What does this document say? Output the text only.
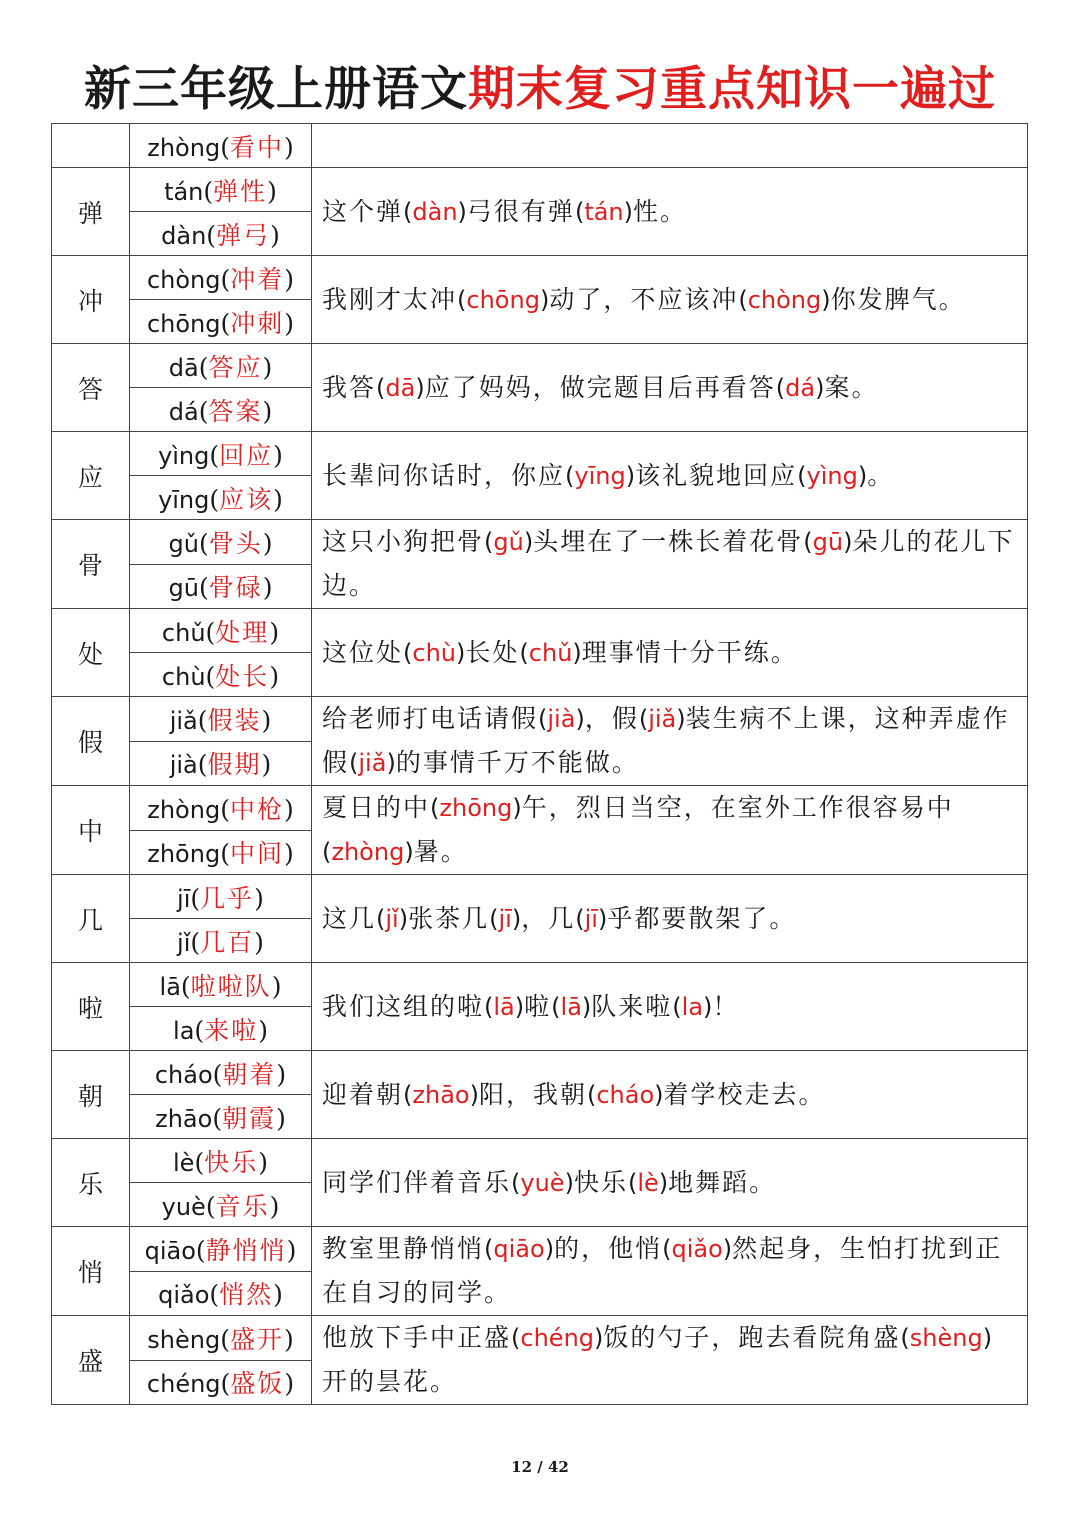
新三年级上册语文期末复习重点知识一遍过
	zhòng(看中)	
弹	tán(弹性)	这个弹(dàn)弓很有弹(tán)性。
	dàn(弹弓)	
冲	chòng(冲着)	我刚才太冲(chōng)动了，不应该冲(chòng)你发脾气。
	chōng(冲刺)	
答	dā(答应)	我答(dā)应了妈妈，做完题目后再看答(dá)案。
	dá(答案)	
应	yìng(回应)	长辈问你话时，你应(yīng)该礼貌地回应(yìng)。
	yīng(应该)	
骨	gǔ(骨头)	这只小狗把骨(gǔ)头埋在了一株长着花骨(gū)朵儿的花儿下边。
	gū(骨碌)	
处	chǔ(处理)	这位处(chù)长处(chǔ)理事情十分干练。
	chù(处长)	
假	jiǎ(假装)	给老师打电话请假(jià)，假(jiǎ)装生病不上课，这种弄虚作假(jiǎ)的事情千万不能做。
	jià(假期)	
中	zhòng(中枪)	夏日的中(zhōng)午，烈日当空，在室外工作很容易中(zhòng)暑。
	zhōng(中间)	
几	jī(几乎)	这几(jǐ)张茶几(jī)，几(jī)乎都要散架了。
	jǐ(几百)	
啦	lā(啦啦队)	我们这组的啦(lā)啦(lā)队来啦(la)！
	la(来啦)	
朝	cháo(朝着)	迎着朝(zhāo)阳，我朝(cháo)着学校走去。
	zhāo(朝霞)	
乐	lè(快乐)	同学们伴着音乐(yuè)快乐(lè)地舞蹈。
	yuè(音乐)	
悄	qiāo(静悄悄)	教室里静悄悄(qiāo)的，他悄(qiǎo)然起身，生怕打扰到正在自习的同学。
	qiǎo(悄然)	
盛	shèng(盛开)	他放下手中正盛(chéng)饭的勺子，跑去看院角盛(shèng)开的昙花。
	chéng(盛饭)	
12 / 42
